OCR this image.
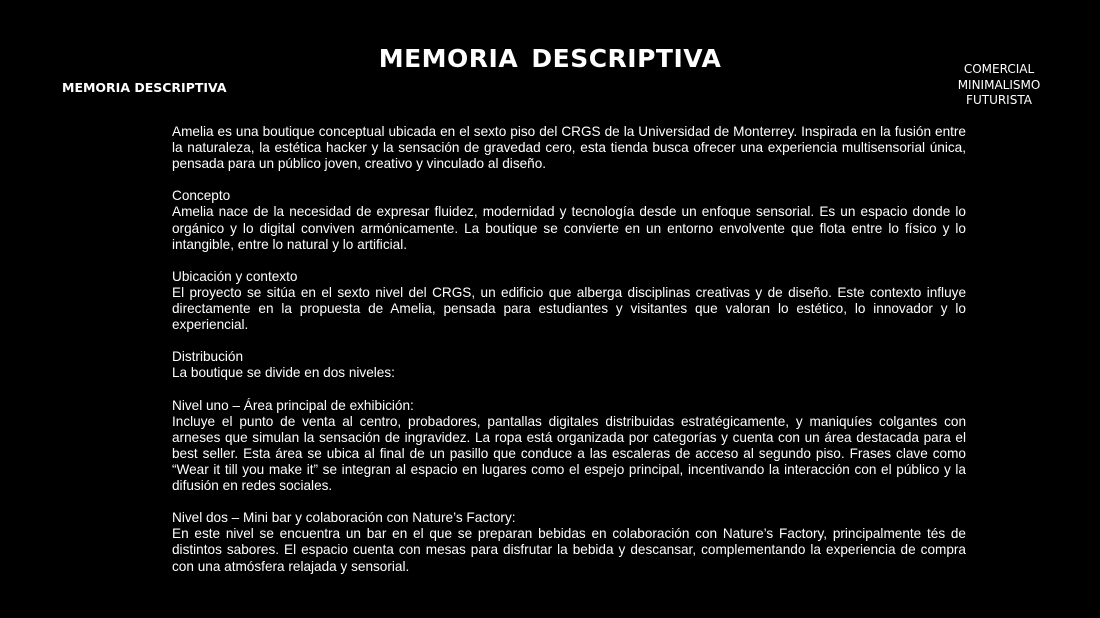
MEMORIA DESCRIPTIVA
MEMORIA DESCRIPTIVA
COMERCIAL
MINIMALISMO
FUTURISTA

Amelia es una boutique conceptual ubicada en el sexto piso del CRGS de la Universidad de Monterrey. Inspirada en la fusión entre la naturaleza, la estética hacker y la sensación de gravedad cero, esta tienda busca ofrecer una experiencia multisensorial única, pensada para un público joven, creativo y vinculado al diseño.

Concepto
Amelia nace de la necesidad de expresar fluidez, modernidad y tecnología desde un enfoque sensorial. Es un espacio donde lo orgánico y lo digital conviven armónicamente. La boutique se convierte en un entorno envolvente que flota entre lo físico y lo intangible, entre lo natural y lo artificial.
Ubicación y contexto
El proyecto se sitúa en el sexto nivel del CRGS, un edificio que alberga disciplinas creativas y de diseño. Este contexto influye directamente en la propuesta de Amelia, pensada para estudiantes y visitantes que valoran lo estético, lo innovador y lo experiencial.
Distribución
La boutique se divide en dos niveles:
Nivel uno – Área principal de exhibición:
Incluye el punto de venta al centro, probadores, pantallas digitales distribuidas estratégicamente, y maniquíes colgantes con arneses que simulan la sensación de ingravidez. La ropa está organizada por categorías y cuenta con un área destacada para el best seller. Esta área se ubica al final de un pasillo que conduce a las escaleras de acceso al segundo piso. Frases clave como “Wear it till you make it” se integran al espacio en lugares como el espejo principal, incentivando la interacción con el público y la difusión en redes sociales.
Nivel dos – Mini bar y colaboración con Nature’s Factory:
En este nivel se encuentra un bar en el que se preparan bebidas en colaboración con Nature’s Factory, principalmente tés de distintos sabores. El espacio cuenta con mesas para disfrutar la bebida y descansar, complementando la experiencia de compra con una atmósfera relajada y sensorial.
